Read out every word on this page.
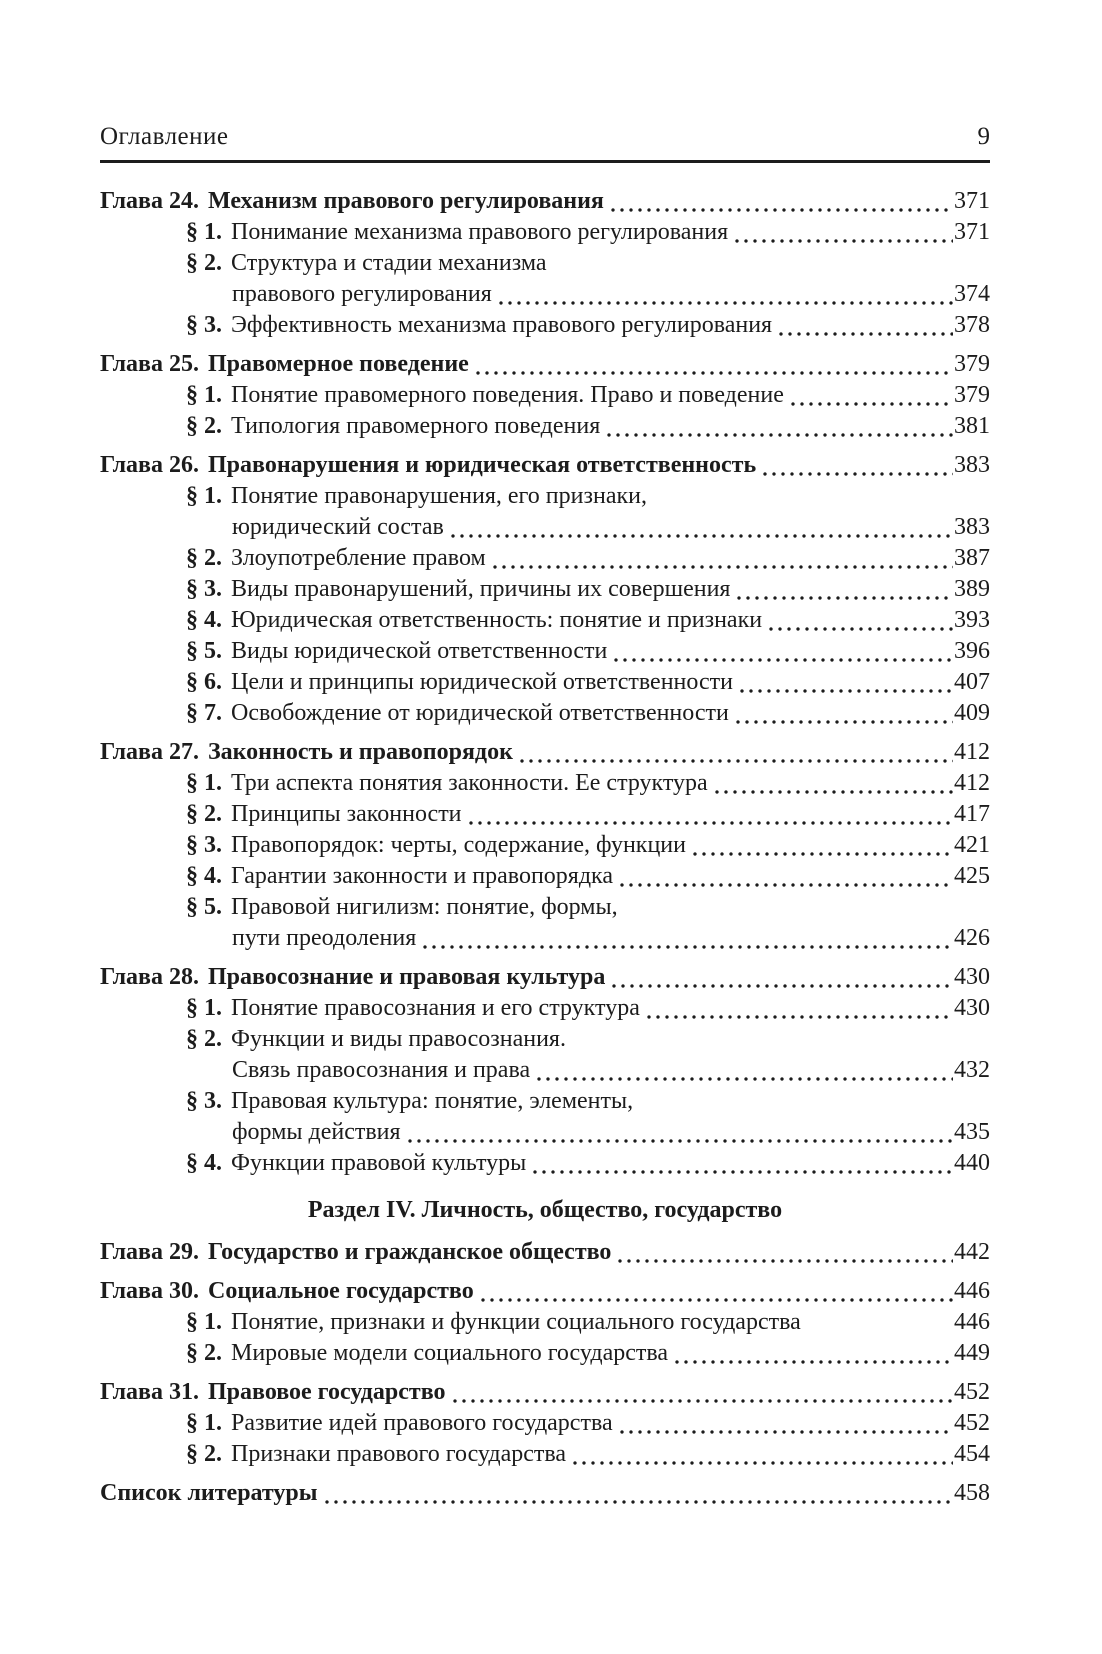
Оглавление	9
Глава 24. Механизм правового регулирования	371
§ 1. Понимание механизма правового регулирования	371
§ 2. Структура и стадии механизма
правового регулирования	374
§ 3. Эффективность механизма правового регулирования	378
Глава 25. Правомерное поведение	379
§ 1. Понятие правомерного поведения. Право и поведение	379
§ 2. Типология правомерного поведения	381
Глава 26. Правонарушения и юридическая ответственность	383
§ 1. Понятие правонарушения, его признаки,
юридический состав	383
§ 2. Злоупотребление правом	387
§ 3. Виды правонарушений, причины их совершения	389
§ 4. Юридическая ответственность: понятие и признаки	393
§ 5. Виды юридической ответственности	396
§ 6. Цели и принципы юридической ответственности	407
§ 7. Освобождение от юридической ответственности	409
Глава 27. Законность и правопорядок	412
§ 1. Три аспекта понятия законности. Ее структура	412
§ 2. Принципы законности	417
§ 3. Правопорядок: черты, содержание, функции	421
§ 4. Гарантии законности и правопорядка	425
§ 5. Правовой нигилизм: понятие, формы,
пути преодоления	426
Глава 28. Правосознание и правовая культура	430
§ 1. Понятие правосознания и его структура	430
§ 2. Функции и виды правосознания.
Связь правосознания и права	432
§ 3. Правовая культура: понятие, элементы,
формы действия	435
§ 4. Функции правовой культуры	440
Раздел IV. Личность, общество, государство
Глава 29. Государство и гражданское общество	442
Глава 30. Социальное государство	446
§ 1. Понятие, признаки и функции социального государства	446
§ 2. Мировые модели социального государства	449
Глава 31. Правовое государство	452
§ 1. Развитие идей правового государства	452
§ 2. Признаки правового государства	454
Список литературы	458
